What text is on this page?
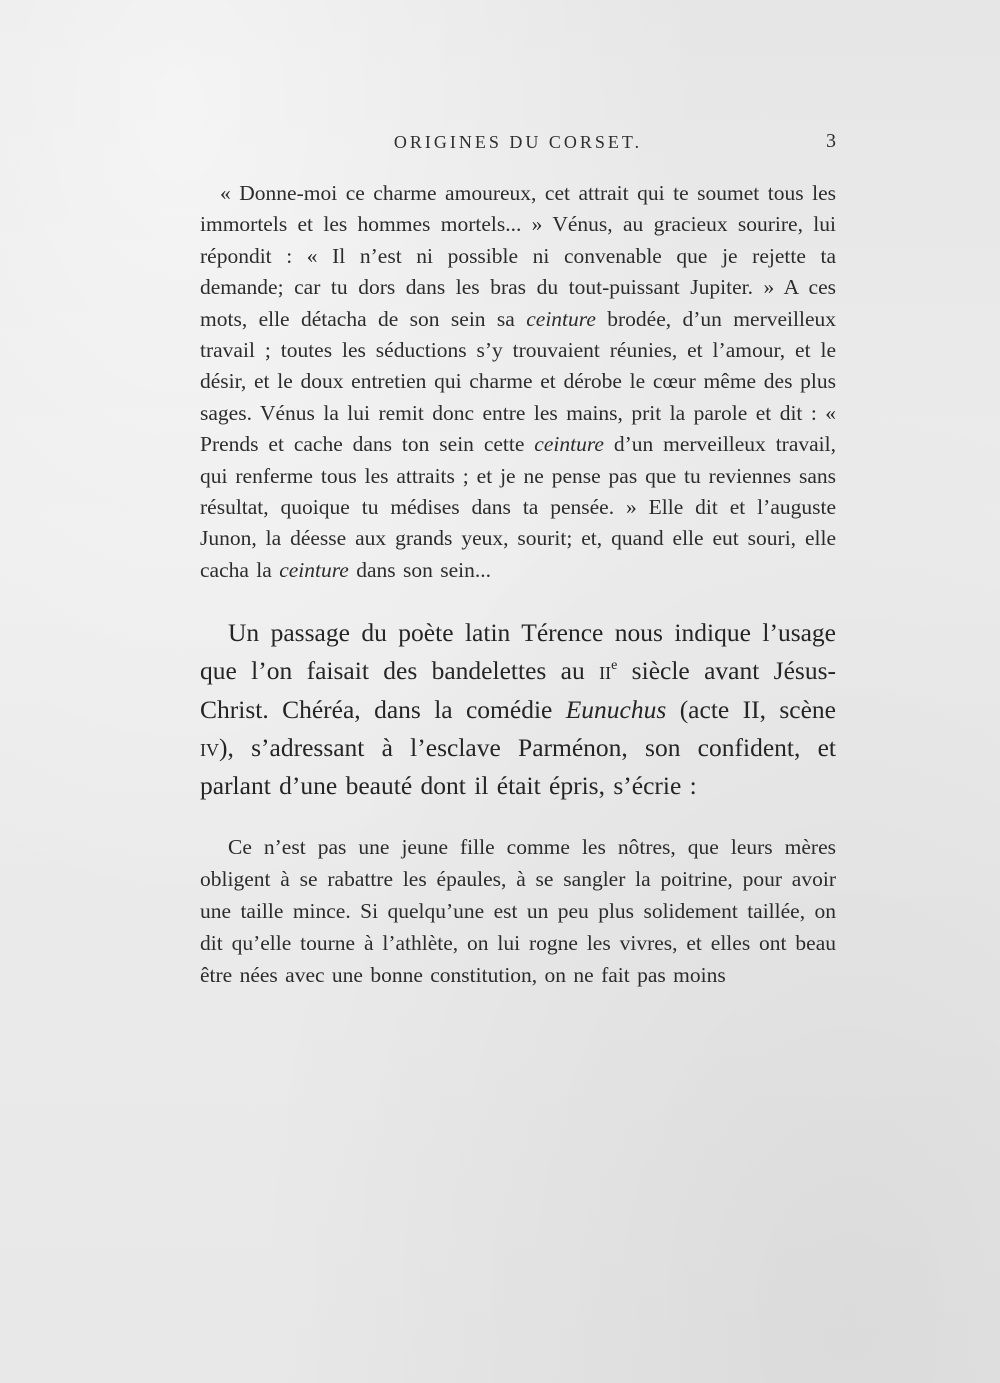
ORIGINES DU CORSET.	3

« Donne-moi ce charme amoureux, cet attrait qui te soumet tous les immortels et les hommes mortels... » Vénus, au gracieux sourire, lui répondit : « Il n’est ni possible ni convenable que je rejette ta demande; car tu dors dans les bras du tout-puissant Jupiter. » A ces mots, elle détacha de son sein sa ceinture brodée, d’un merveilleux travail ; toutes les séductions s’y trouvaient réunies, et l’amour, et le désir, et le doux entretien qui charme et dérobe le cœur même des plus sages. Vénus la lui remit donc entre les mains, prit la parole et dit : « Prends et cache dans ton sein cette ceinture d’un merveilleux travail, qui renferme tous les attraits ; et je ne pense pas que tu reviennes sans résultat, quoique tu médises dans ta pensée. » Elle dit et l’auguste Junon, la déesse aux grands yeux, sourit; et, quand elle eut souri, elle cacha la ceinture dans son sein...

Un passage du poète latin Térence nous indique l’usage que l’on faisait des bandelettes au $ii^e$ siècle avant Jésus-Christ. Chéréa, dans la comédie Eunuchus (acte II, scène iv), s’adressant à l’esclave Parménon, son confident, et parlant d’une beauté dont il était épris, s’écrie :

Ce n’est pas une jeune fille comme les nôtres, que leurs mères obligent à se rabattre les épaules, à se sangler la poitrine, pour avoir une taille mince. Si quelqu’une est un peu plus solidement taillée, on dit qu’elle tourne à l’athlète, on lui rogne les vivres, et elles ont beau être nées avec une bonne constitution, on ne fait pas moins
